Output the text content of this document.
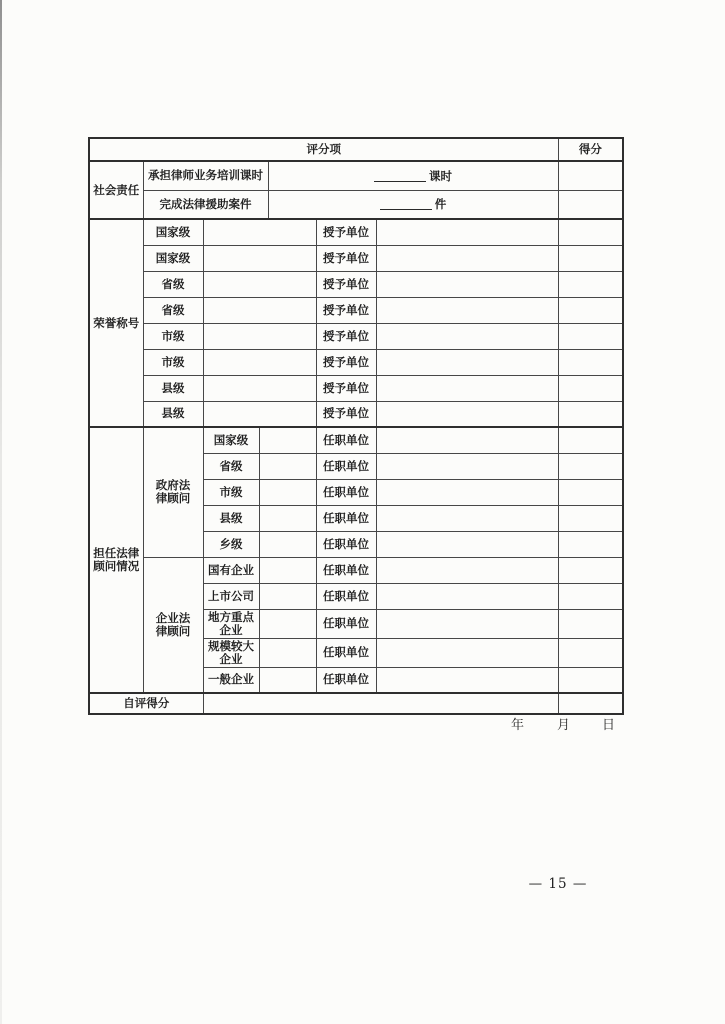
评分项							得分
社会责任	承担律师业务培训课时			课时			
	完成法律援助案件			件			
荣誉称号	国家级				授予单位		
	国家级				授予单位		
	省级				授予单位		
	省级				授予单位		
	市级				授予单位		
	市级				授予单位		
	县级				授予单位		
	县级				授予单位		

担任法律顾问情况	政府法律顾问	国家级			任职单位		
		省级			任职单位		
		市级			任职单位		
		县级			任职单位		
		乡级			任职单位		

	企业法律顾问	国有企业			任职单位		
		上市公司			任职单位		
		地方重点企业			任职单位		
		规模较大企业			任职单位		
		一般企业			任职单位		
自评得分							
年	月 日
— 15 —
